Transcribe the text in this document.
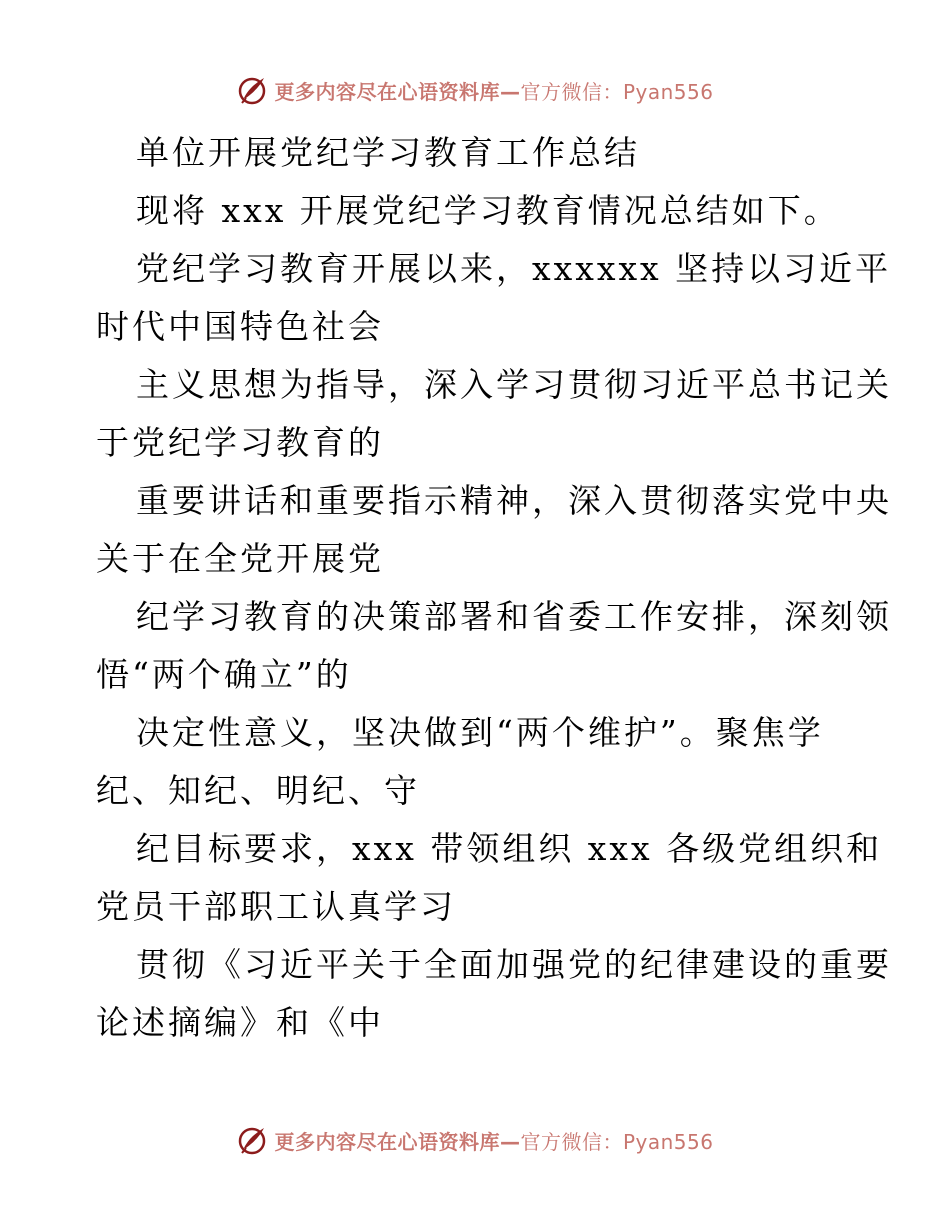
更多内容尽在心语资料库—官方微信：Pyan556

单位开展党纪学习教育工作总结

现将 xxx 开展党纪学习教育情况总结如下。

党纪学习教育开展以来，xxxxxx 坚持以习近平

时代中国特色社会

主义思想为指导，深入学习贯彻习近平总书记关

于党纪学习教育的

重要讲话和重要指示精神，深入贯彻落实党中央

关于在全党开展党

纪学习教育的决策部署和省委工作安排，深刻领

悟“两个确立”的

决定性意义，坚决做到“两个维护”。聚焦学

纪、知纪、明纪、守

纪目标要求，xxx 带领组织 xxx 各级党组织和

党员干部职工认真学习

贯彻《习近平关于全面加强党的纪律建设的重要

论述摘编》和《中

更多内容尽在心语资料库—官方微信：Pyan556
